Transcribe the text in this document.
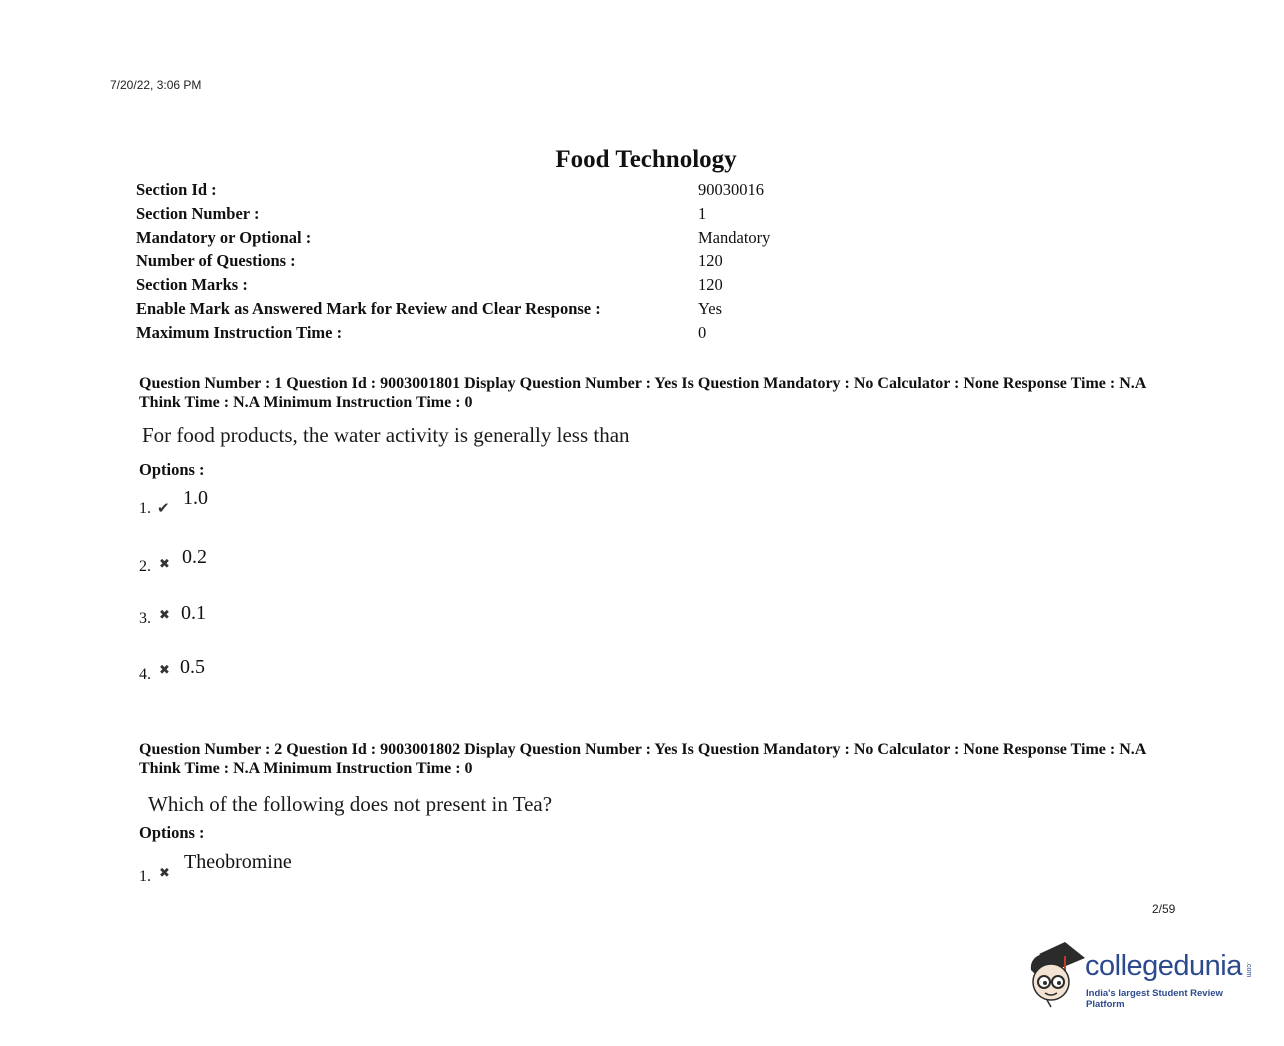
7/20/22, 3:06 PM
Food Technology
Section Id :	90030016
Section Number :	1
Mandatory or Optional :	Mandatory
Number of Questions :	120
Section Marks :	120
Enable Mark as Answered Mark for Review and Clear Response :	Yes
Maximum Instruction Time :	0
Question Number : 1 Question Id : 9003001801 Display Question Number : Yes Is Question Mandatory : No Calculator : None Response Time : N.A Think Time : N.A Minimum Instruction Time : 0
For food products, the water activity is generally less than
Options :
1. ✔ 1.0
2. ✖ 0.2
3. ✖ 0.1
4. ✖ 0.5
Question Number : 2 Question Id : 9003001802 Display Question Number : Yes Is Question Mandatory : No Calculator : None Response Time : N.A Think Time : N.A Minimum Instruction Time : 0
Which of the following does not present in Tea?
Options :
1. ✖
Theobromine
2/59
collegedunia .com
India's largest Student Review Platform
